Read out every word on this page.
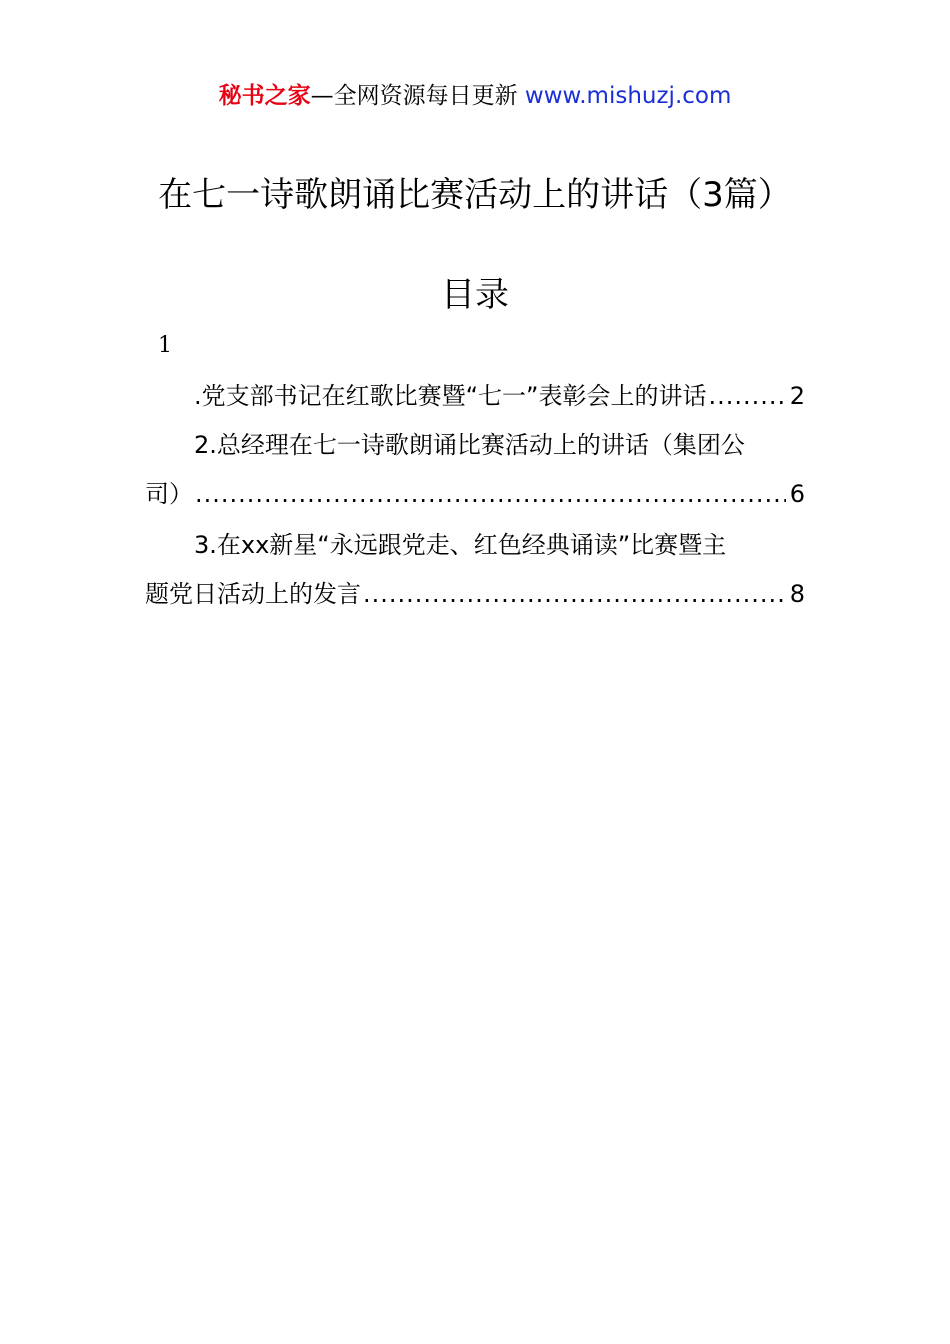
秘书之家—全网资源每日更新 www.mishuzj.com
在七一诗歌朗诵比赛活动上的讲话（3篇）
目录
1
.党支部书记在红歌比赛暨“七一”表彰会上的讲话 .....	2
2.总经理在七一诗歌朗诵比赛活动上的讲话（集团公
司） .....	6
3.在xx新星“永远跟党走、红色经典诵读”比赛暨主
题党日活动上的发言 .....	8
